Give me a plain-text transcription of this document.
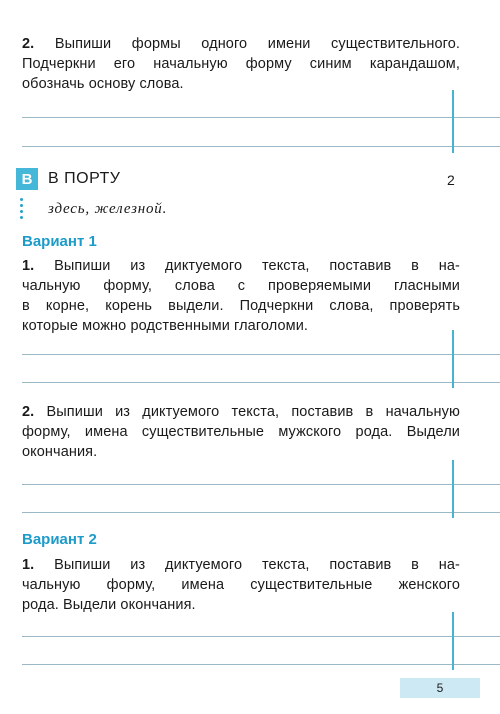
2. Выпиши формы одного имени существительного.
Подчеркни его начальную форму синим карандашом,
обозначь основу слова.
В В ПОРТУ	2
здесь, железной.
Вариант 1
1. Выпиши из диктуемого текста, поставив в на-
чальную форму, слова с проверяемыми гласными
в корне, корень выдели. Подчеркни слова, проверять
которые можно родственными глаголоми.
2. Выпиши из диктуемого текста, поставив в начальную
форму, имена существительные мужского рода. Выдели
окончания.
Вариант 2
1. Выпиши из диктуемого текста, поставив в на-
чальную форму, имена существительные женского
рода. Выдели окончания.
5
